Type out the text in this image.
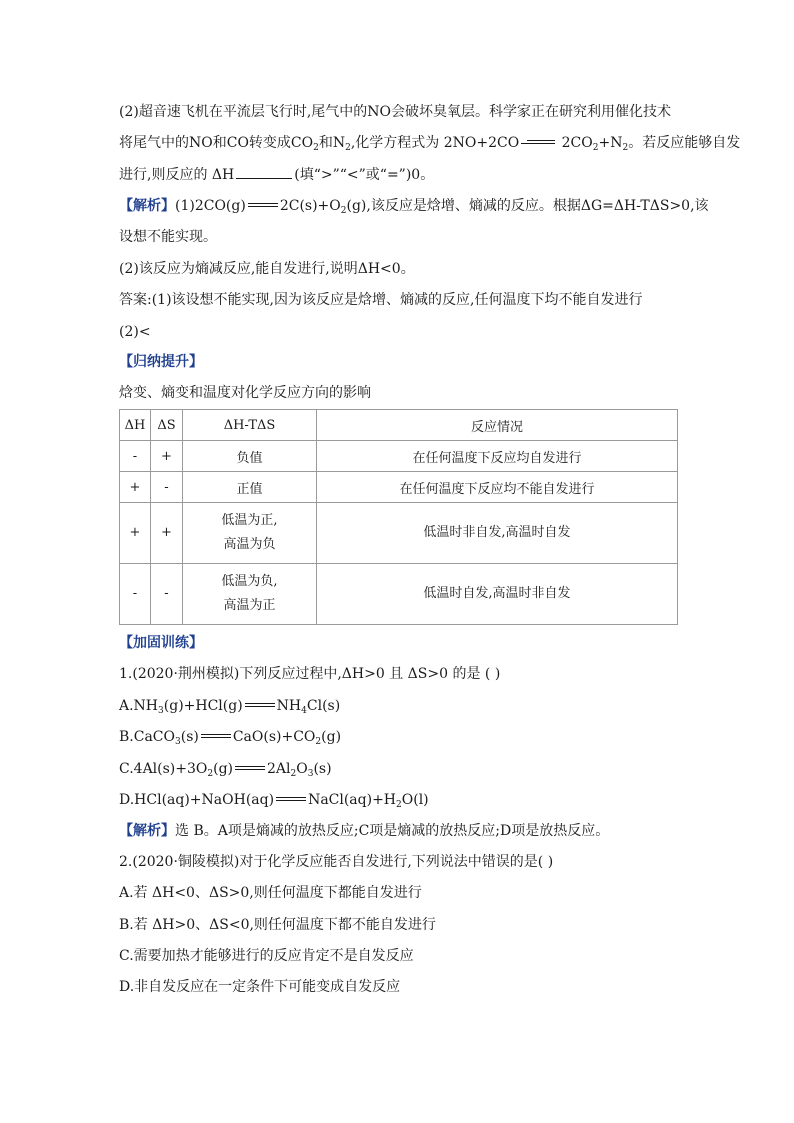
(2)超音速飞机在平流层飞行时,尾气中的NO会破坏臭氧层。科学家正在研究利用催化技术
将尾气中的NO和CO转变成$CO_2$和$N_2$,化学方程式为 2NO+2CO	$2CO_2+N_2$。若反应能够自发
进行,则反应的 ΔH	(填“>”“<”或“=”)0。
【解析】(1)2CO(g) $2C(s)+O_2(g)$,该反应是焓增、熵减的反应。根据ΔG=ΔH-TΔS>0,该
设想不能实现。
(2)该反应为熵减反应,能自发进行,说明ΔH<0。
答案:(1)该设想不能实现,因为该反应是焓增、熵减的反应,任何温度下均不能自发进行
(2)<
【归纳提升】
焓变、熵变和温度对化学反应方向的影响
ΔH	ΔS	ΔH-TΔS	反应情况
-	+	负值	在任何温度下反应均自发进行
+	-	正值	在任何温度下反应均不能自发进行
+	+	低温为正,
高温为负	低温时非自发,高温时自发
-	-	低温为负,
高温为正	低温时自发,高温时非自发
【加固训练】
1.(2020·荆州模拟)下列反应过程中,ΔH>0 且 ΔS>0 的是 ( )
$A.NH_3(g)+HCl(g)$ $NH_4Cl(s)$
B.CaCO$_3$(s) $CaO(s)+CO_2(g)$
$C.4Al(s)+3O_2(g)$ $2Al_2O_3(s)$
D.HCl(aq)+NaOH(aq) $NaCl(aq)+H_2O(l)$
【解析】选 B。A项是熵减的放热反应;C项是熵减的放热反应;D项是放热反应。
2.(2020·铜陵模拟)对于化学反应能否自发进行,下列说法中错误的是( )
A.若 ΔH<0、ΔS>0,则任何温度下都能自发进行
B.若 ΔH>0、ΔS<0,则任何温度下都不能自发进行
C.需要加热才能够进行的反应肯定不是自发反应
D.非自发反应在一定条件下可能变成自发反应
